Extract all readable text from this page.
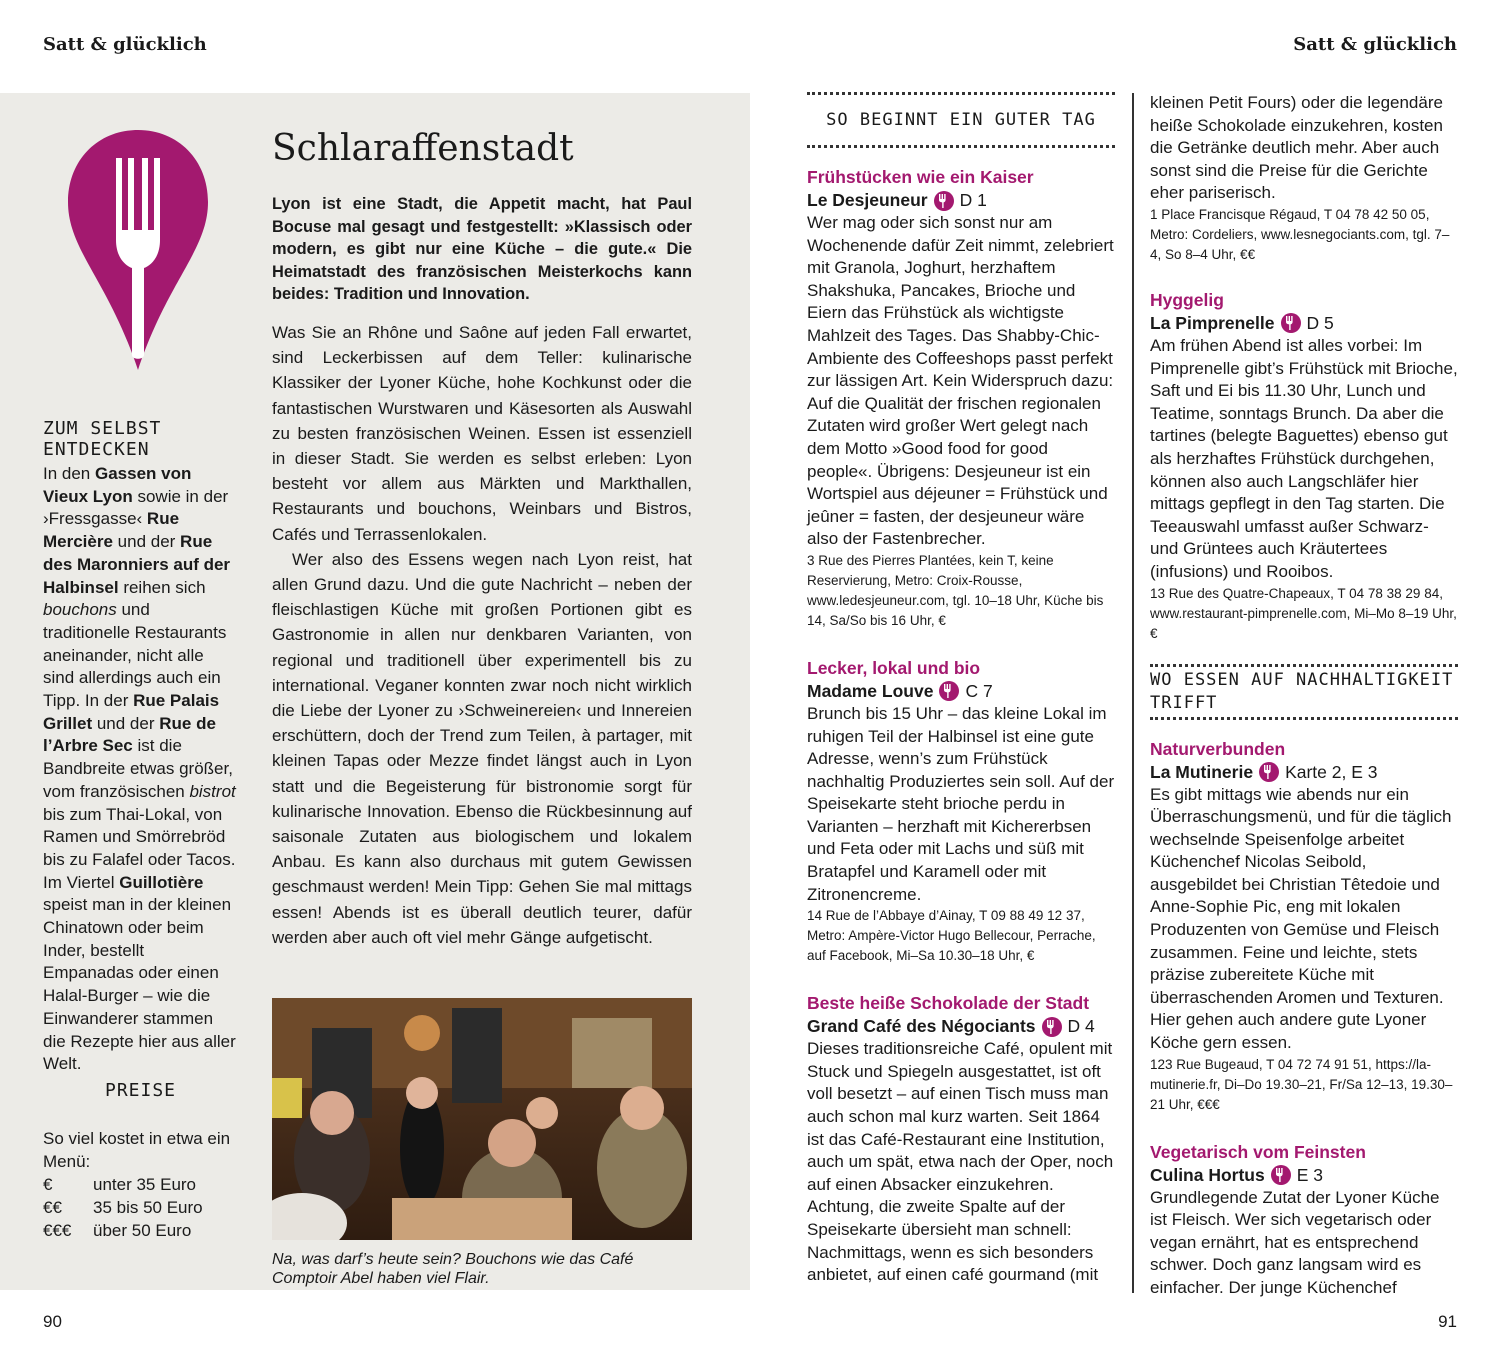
Satt & glücklich	Satt & glücklich
ZUM SELBST ENTDECKEN
In den Gassen von Vieux Lyon sowie in der ›Fressgasse‹ Rue Mercière und der Rue des Maronniers auf der Halbinsel reihen sich bouchons und traditionelle Restaurants aneinander, nicht alle sind allerdings auch ein Tipp. In der Rue Palais Grillet und der Rue de l’Arbre Sec ist die Bandbreite etwas größer, vom französischen bistrot bis zum Thai-Lokal, von Ramen und Smörrebröd bis zu Falafel oder Tacos. Im Viertel Guillotière speist man in der kleinen Chinatown oder beim Inder, bestellt Empanadas oder einen Halal-Burger – wie die Einwanderer stammen die Rezepte hier aus aller Welt.
PREISE
So viel kostet in etwa ein Menü:
€	unter 35 Euro
€€	35 bis 50 Euro
€€€	über 50 Euro
Schlaraffenstadt
Lyon ist eine Stadt, die Appetit macht, hat Paul Bocuse mal gesagt und festgestellt: »Klassisch oder modern, es gibt nur eine Küche – die gute.« Die Heimatstadt des französischen Meisterkochs kann beides: Tradition und Innovation.

Was Sie an Rhône und Saône auf jeden Fall erwartet, sind Leckerbissen auf dem Teller: kulinarische Klassiker der Lyoner Küche, hohe Kochkunst oder die fantastischen Wurstwaren und Käsesorten als Auswahl zu besten französischen Weinen. Essen ist essenziell in dieser Stadt. Sie werden es selbst erleben: Lyon besteht vor allem aus Märkten und Markthallen, Restaurants und bouchons, Weinbars und Bistros, Cafés und Terrassenlokalen.

Wer also des Essens wegen nach Lyon reist, hat allen Grund dazu. Und die gute Nachricht – neben der fleischlastigen Küche mit großen Portionen gibt es Gastronomie in allen nur denkbaren Varianten, von regional und traditionell über experimentell bis zu international. Veganer konnten zwar noch nicht wirklich die Liebe der Lyoner zu ›Schweinereien‹ und Innereien erschüttern, doch der Trend zum Teilen, à partager, mit kleinen Tapas oder Mezze findet längst auch in Lyon statt und die Begeisterung für bistronomie sorgt für kulinarische Innovation. Ebenso die Rückbesinnung auf saisonale Zutaten aus biologischem und lokalem Anbau. Es kann also durchaus mit gutem Gewissen geschmaust werden! Mein Tipp: Gehen Sie mal mittags essen! Abends ist es überall deutlich teurer, dafür werden aber auch oft viel mehr Gänge aufgetischt.

Na, was darf’s heute sein? Bouchons wie das Café Comptoir Abel haben viel Flair.
SO BEGINNT EIN GUTER TAG
Frühstücken wie ein Kaiser
Le Desjeuneur D 1

Wer mag oder sich sonst nur am Wochenende dafür Zeit nimmt, zelebriert mit Granola, Joghurt, herzhaftem Shakshuka, Pancakes, Brioche und Eiern das Frühstück als wichtigste Mahlzeit des Tages. Das Shabby-Chic-Ambiente des Coffeeshops passt perfekt zur lässigen Art. Kein Widerspruch dazu: Auf die Qualität der frischen regionalen Zutaten wird großer Wert gelegt nach dem Motto »Good food for good people«. Übrigens: Desjeuneur ist ein Wortspiel aus déjeuner = Frühstück und jeûner = fasten, der desjeuneur wäre also der Fastenbrecher.

3 Rue des Pierres Plantées, kein T, keine Reservierung, Metro: Croix-Rousse, www.ledesjeuneur.com, tgl. 10–18 Uhr, Küche bis 14, Sa/So bis 16 Uhr, €

Lecker, lokal und bio
Madame Louve C 7

Brunch bis 15 Uhr – das kleine Lokal im ruhigen Teil der Halbinsel ist eine gute Adresse, wenn’s zum Frühstück nachhaltig Produziertes sein soll. Auf der Speisekarte steht brioche perdu in Varianten – herzhaft mit Kichererbsen und Feta oder mit Lachs und süß mit Bratapfel und Karamell oder mit Zitronencreme.

14 Rue de l’Abbaye d’Ainay, T 09 88 49 12 37, Metro: Ampère-Victor Hugo Bellecour, Perrache, auf Facebook, Mi–Sa 10.30–18 Uhr, €

Beste heiße Schokolade der Stadt
Grand Café des Négociants D 4

Dieses traditionsreiche Café, opulent mit Stuck und Spiegeln ausgestattet, ist oft voll besetzt – auf einen Tisch muss man auch schon mal kurz warten. Seit 1864 ist das Café-Restaurant eine Institution, auch um spät, etwa nach der Oper, noch auf einen Absacker einzukehren. Achtung, die zweite Spalte auf der Speisekarte übersieht man schnell: Nachmittags, wenn es sich besonders anbietet, auf einen café gourmand (mit

kleinen Petit Fours) oder die legendäre heiße Schokolade einzukehren, kosten die Getränke deutlich mehr. Aber auch sonst sind die Preise für die Gerichte eher pariserisch.

1 Place Francisque Régaud, T 04 78 42 50 05, Metro: Cordeliers, www.lesnegociants.com, tgl. 7–4, So 8–4 Uhr, €€

Hyggelig
La Pimprenelle D 5

Am frühen Abend ist alles vorbei: Im Pimprenelle gibt’s Frühstück mit Brioche, Saft und Ei bis 11.30 Uhr, Lunch und Teatime, sonntags Brunch. Da aber die tartines (belegte Baguettes) ebenso gut als herzhaftes Frühstück durchgehen, können also auch Langschläfer hier mittags gepflegt in den Tag starten. Die Teeauswahl umfasst außer Schwarz- und Grüntees auch Kräutertees (infusions) und Rooibos.

13 Rue des Quatre-Chapeaux, T 04 78 38 29 84, www.restaurant-pimprenelle.com, Mi–Mo 8–19 Uhr, €

WO ESSEN AUF NACHHALTIGKEIT TRIFFT
Naturverbunden
La Mutinerie Karte 2, E 3

Es gibt mittags wie abends nur ein Überraschungsmenü, und für die täglich wechselnde Speisenfolge arbeitet Küchenchef Nicolas Seibold, ausgebildet bei Christian Têtedoie und Anne-Sophie Pic, eng mit lokalen Produzenten von Gemüse und Fleisch zusammen. Feine und leichte, stets präzise zubereitete Küche mit überraschenden Aromen und Texturen. Hier gehen auch andere gute Lyoner Köche gern essen.

123 Rue Bugeaud, T 04 72 74 91 51, https://la-mutinerie.fr, Di–Do 19.30–21, Fr/Sa 12–13, 19.30–21 Uhr, €€€

Vegetarisch vom Feinsten
Culina Hortus E 3

Grundlegende Zutat der Lyoner Küche ist Fleisch. Wer sich vegetarisch oder vegan ernährt, hat es entsprechend schwer. Doch ganz langsam wird es einfacher. Der junge Küchenchef

90	91
